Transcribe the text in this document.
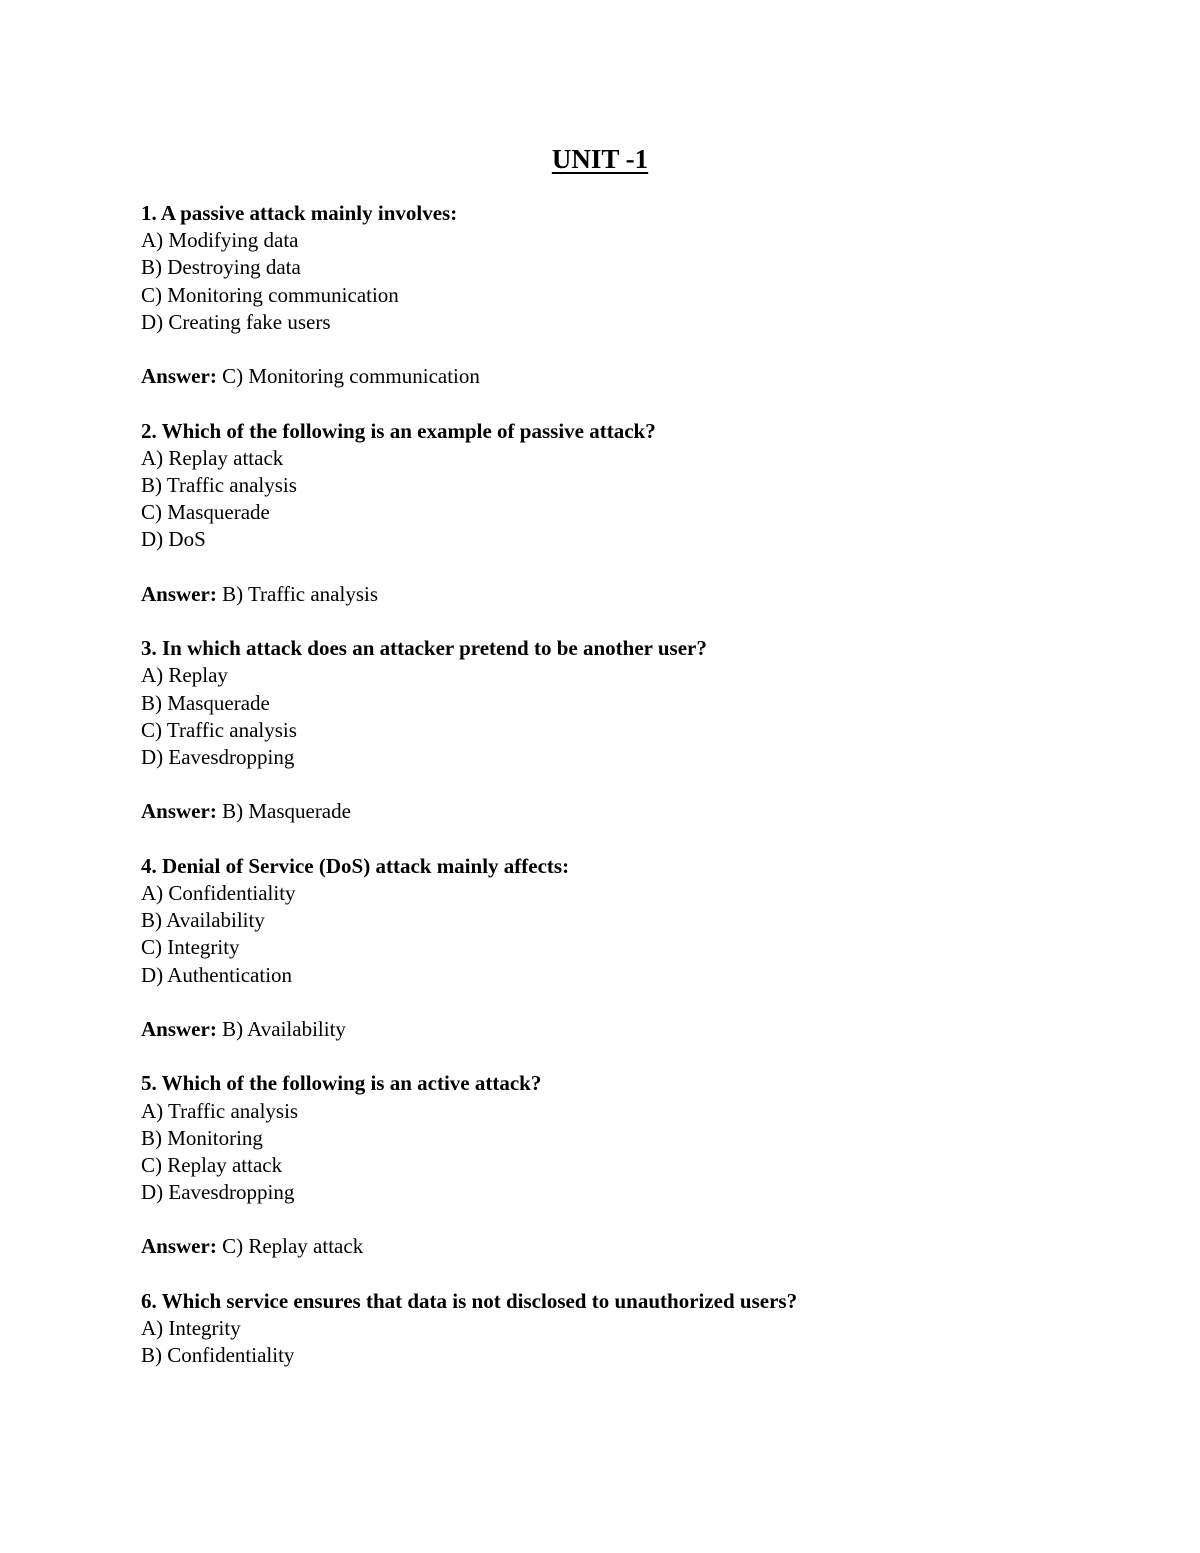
UNIT -1
1. A passive attack mainly involves:
A) Modifying data
B) Destroying data
C) Monitoring communication
D) Creating fake users
Answer: C) Monitoring communication
2. Which of the following is an example of passive attack?
A) Replay attack
B) Traffic analysis
C) Masquerade
D) DoS
Answer: B) Traffic analysis
3. In which attack does an attacker pretend to be another user?
A) Replay
B) Masquerade
C) Traffic analysis
D) Eavesdropping
Answer: B) Masquerade
4. Denial of Service (DoS) attack mainly affects:
A) Confidentiality
B) Availability
C) Integrity
D) Authentication
Answer: B) Availability
5. Which of the following is an active attack?
A) Traffic analysis
B) Monitoring
C) Replay attack
D) Eavesdropping
Answer: C) Replay attack
6. Which service ensures that data is not disclosed to unauthorized users?
A) Integrity
B) Confidentiality
